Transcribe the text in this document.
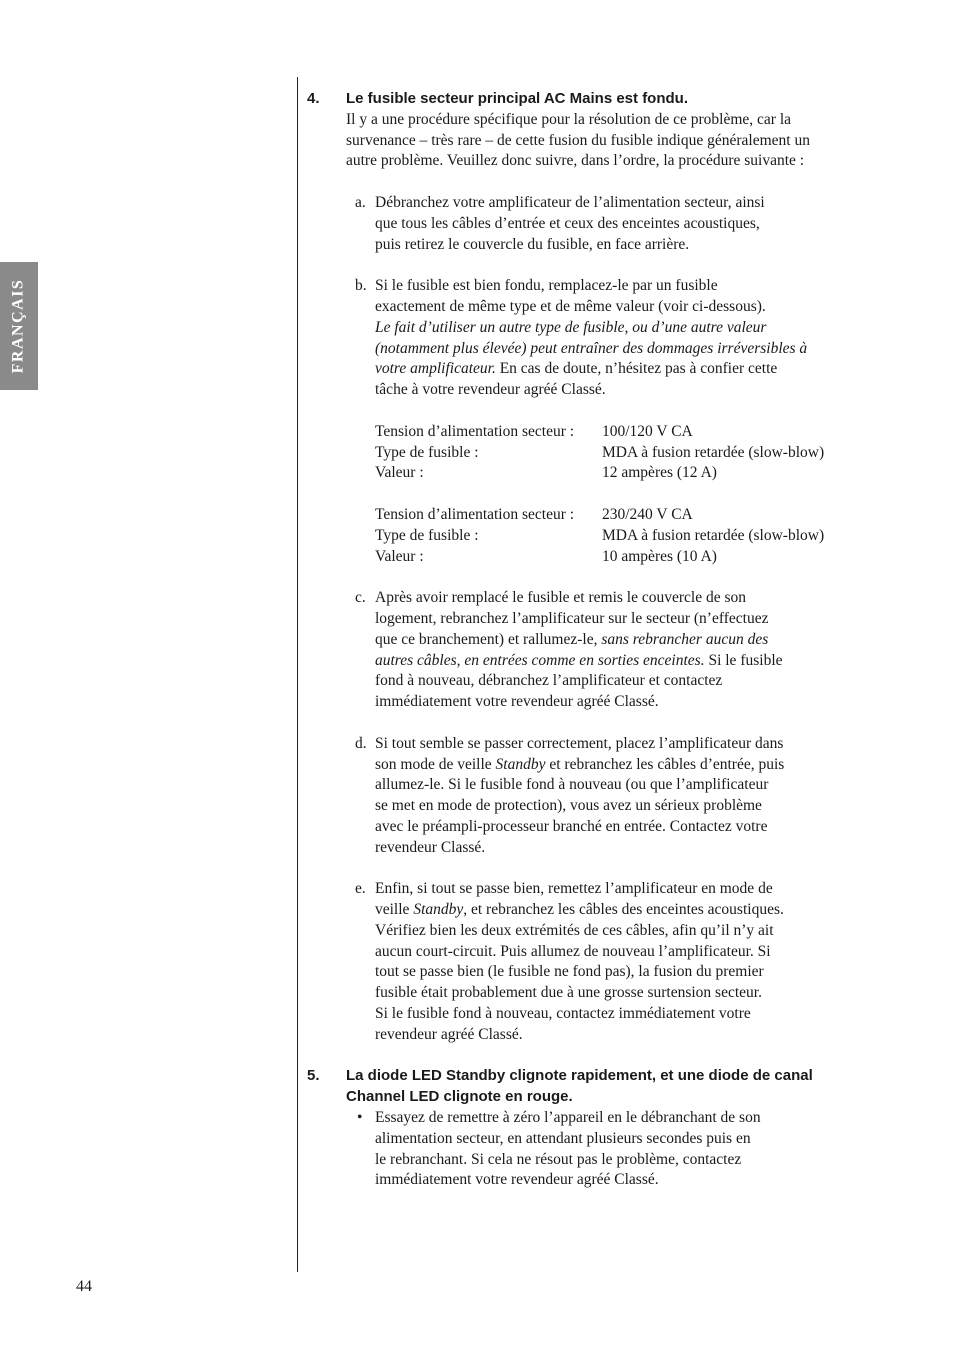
FRANÇAIS
4. Le fusible secteur principal AC Mains est fondu.
Il y a une procédure spécifique pour la résolution de ce problème, car la
survenance – très rare – de cette fusion du fusible indique généralement un
autre problème. Veuillez donc suivre, dans l’ordre, la procédure suivante :
a. Débranchez votre amplificateur de l’alimentation secteur, ainsi
que tous les câbles d’entrée et ceux des enceintes acoustiques,
puis retirez le couvercle du fusible, en face arrière.
b. Si le fusible est bien fondu, remplacez-le par un fusible
exactement de même type et de même valeur (voir ci-dessous).
Le fait d’utiliser un autre type de fusible, ou d’une autre valeur
(notamment plus élevée) peut entraîner des dommages irréversibles à
votre amplificateur. En cas de doute, n’hésitez pas à confier cette
tâche à votre revendeur agréé Classé.
Tension d’alimentation secteur :	100/120 V CA
Type de fusible :	MDA à fusion retardée (slow-blow)
Valeur :	12 ampères (12 A)
Tension d’alimentation secteur :	230/240 V CA
Type de fusible :	MDA à fusion retardée (slow-blow)
Valeur :	10 ampères (10 A)
c. Après avoir remplacé le fusible et remis le couvercle de son
logement, rebranchez l’amplificateur sur le secteur (n’effectuez
que ce branchement) et rallumez-le, sans rebrancher aucun des
autres câbles, en entrées comme en sorties enceintes. Si le fusible
fond à nouveau, débranchez l’amplificateur et contactez
immédiatement votre revendeur agréé Classé.
d. Si tout semble se passer correctement, placez l’amplificateur dans
son mode de veille Standby et rebranchez les câbles d’entrée, puis
allumez-le. Si le fusible fond à nouveau (ou que l’amplificateur
se met en mode de protection), vous avez un sérieux problème
avec le préampli-processeur branché en entrée. Contactez votre
revendeur Classé.
e. Enfin, si tout se passe bien, remettez l’amplificateur en mode de
veille Standby, et rebranchez les câbles des enceintes acoustiques.
Vérifiez bien les deux extrémités de ces câbles, afin qu’il n’y ait
aucun court-circuit. Puis allumez de nouveau l’amplificateur. Si
tout se passe bien (le fusible ne fond pas), la fusion du premier
fusible était probablement due à une grosse surtension secteur.
Si le fusible fond à nouveau, contactez immédiatement votre
revendeur agréé Classé.
5. La diode LED Standby clignote rapidement, et une diode de canal
Channel LED clignote en rouge.
• Essayez de remettre à zéro l’appareil en le débranchant de son
alimentation secteur, en attendant plusieurs secondes puis en
le rebranchant. Si cela ne résout pas le problème, contactez
immédiatement votre revendeur agréé Classé.
44
